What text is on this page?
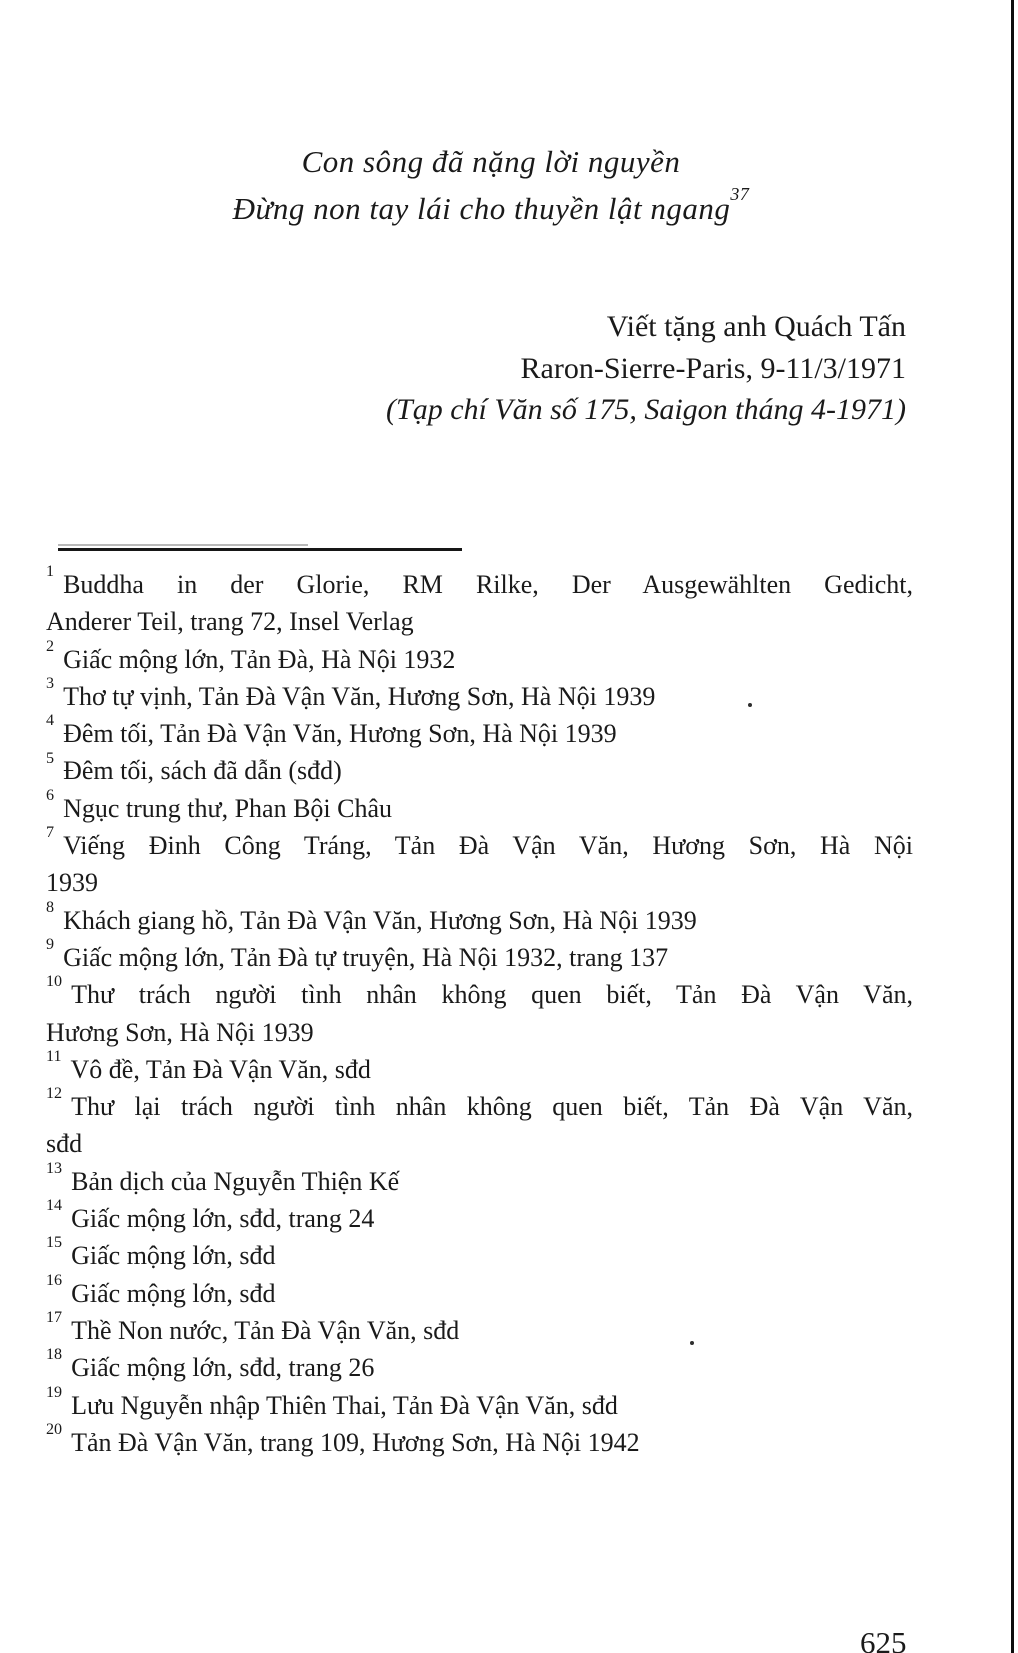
Con sông đã nặng lời nguyền
Đừng non tay lái cho thuyền lật ngang$^{37}$
Viết tặng anh Quách Tấn
Raron-Sierre-Paris, 9-11/3/1971
(Tạp chí Văn số 175, Saigon tháng 4-1971)
$^1$ Buddha in der Glorie, RM Rilke, Der Ausgewählten Gedicht,
Anderer Teil, trang 72, Insel Verlag
$^2$ Giấc mộng lớn, Tản Đà, Hà Nội 1932
$^3$ Thơ tự vịnh, Tản Đà Vận Văn, Hương Sơn, Hà Nội 1939
$^4$ Đêm tối, Tản Đà Vận Văn, Hương Sơn, Hà Nội 1939
$^5$ Đêm tối, sách đã dẫn (sđd)
$^6$ Ngục trung thư, Phan Bội Châu
$^7$ Viếng Đinh Công Tráng, Tản Đà Vận Văn, Hương Sơn, Hà Nội
1939
$^8$ Khách giang hồ, Tản Đà Vận Văn, Hương Sơn, Hà Nội 1939
$^9$ Giấc mộng lớn, Tản Đà tự truyện, Hà Nội 1932, trang 137
$^{10}$ Thư trách người tình nhân không quen biết, Tản Đà Vận Văn,
Hương Sơn, Hà Nội 1939
$^{11}$ Vô đề, Tản Đà Vận Văn, sđd
$^{12}$ Thư lại trách người tình nhân không quen biết, Tản Đà Vận Văn,
sđd
$^{13}$ Bản dịch của Nguyễn Thiện Kế
$^{14}$ Giấc mộng lớn, sđd, trang 24
$^{15}$ Giấc mộng lớn, sđd
$^{16}$ Giấc mộng lớn, sđd
$^{17}$ Thề Non nước, Tản Đà Vận Văn, sđd
$^{18}$ Giấc mộng lớn, sđd, trang 26
$^{19}$ Lưu Nguyễn nhập Thiên Thai, Tản Đà Vận Văn, sđd
$^{20}$ Tản Đà Vận Văn, trang 109, Hương Sơn, Hà Nội 1942
625
